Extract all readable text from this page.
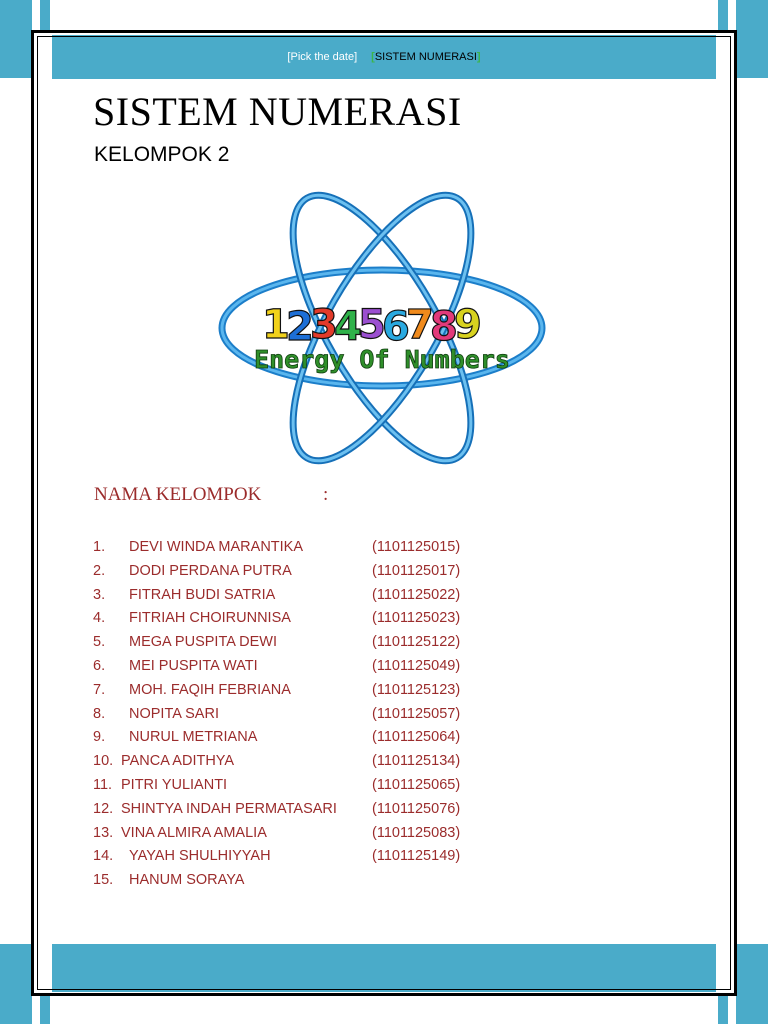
[Pick the date] [SISTEM NUMERASI]
SISTEM NUMERASI
KELOMPOK 2
1
2
3
4
5
6
7
8
9
Energy Of Numbers
NAMA KELOMPOK	:
1. DEVI WINDA MARANTIKA	(1101125015)
2. DODI PERDANA PUTRA	(1101125017)
3. FITRAH BUDI SATRIA	(1101125022)
4. FITRIAH CHOIRUNNISA	(1101125023)
5. MEGA PUSPITA DEWI	(1101125122)
6. MEI PUSPITA WATI	(1101125049)
7. MOH. FAQIH FEBRIANA	(1101125123)
8. NOPITA SARI	(1101125057)
9. NURUL METRIANA	(1101125064)
10. PANCA ADITHYA	(1101125134)
11. PITRI YULIANTI	(1101125065)
12. SHINTYA INDAH PERMATASARI (1101125076)
13. VINA ALMIRA AMALIA	(1101125083)
14. YAYAH SHULHIYYAH	(1101125149)
15. HANUM SORAYA
